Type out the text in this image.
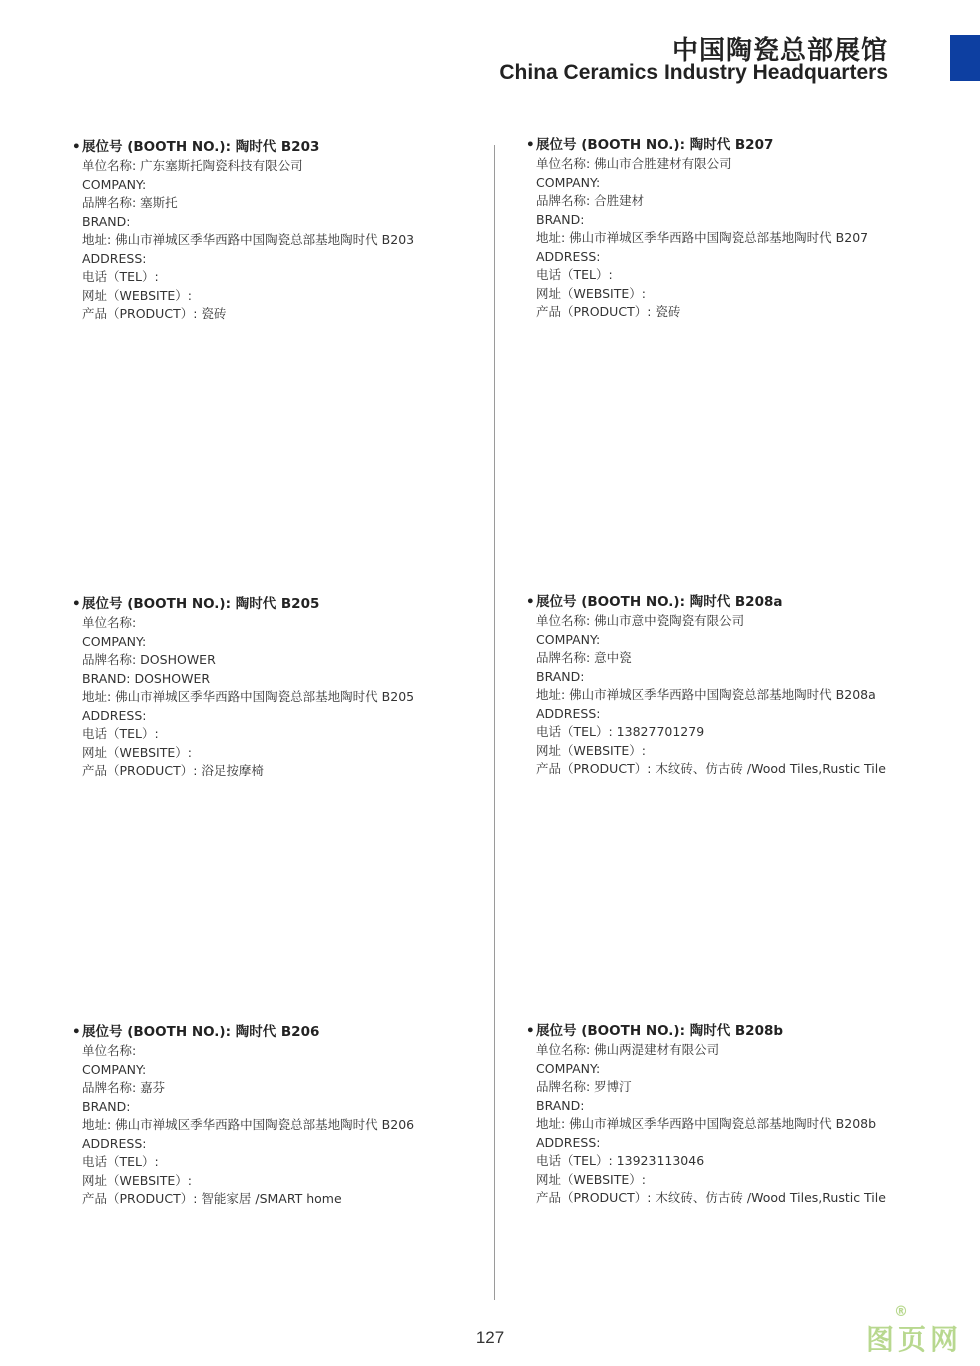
中国陶瓷总部展馆
China Ceramics Industry Headquarters
•展位号 (BOOTH NO.): 陶时代 B203
单位名称: 广东塞斯托陶瓷科技有限公司
COMPANY:
品牌名称: 塞斯托
BRAND:
地址: 佛山市禅城区季华西路中国陶瓷总部基地陶时代 B203
ADDRESS:
电话（TEL）:
网址（WEBSITE）:
产品（PRODUCT）: 瓷砖
•展位号 (BOOTH NO.): 陶时代 B207
单位名称: 佛山市合胜建材有限公司
COMPANY:
品牌名称: 合胜建材
BRAND:
地址: 佛山市禅城区季华西路中国陶瓷总部基地陶时代 B207
ADDRESS:
电话（TEL）:
网址（WEBSITE）:
产品（PRODUCT）: 瓷砖
•展位号 (BOOTH NO.): 陶时代 B205
单位名称:
COMPANY:
品牌名称: DOSHOWER
BRAND: DOSHOWER
地址: 佛山市禅城区季华西路中国陶瓷总部基地陶时代 B205
ADDRESS:
电话（TEL）:
网址（WEBSITE）:
产品（PRODUCT）: 浴足按摩椅
•展位号 (BOOTH NO.): 陶时代 B208a
单位名称: 佛山市意中瓷陶瓷有限公司
COMPANY:
品牌名称: 意中瓷
BRAND:
地址: 佛山市禅城区季华西路中国陶瓷总部基地陶时代 B208a
ADDRESS:
电话（TEL）: 13827701279
网址（WEBSITE）:
产品（PRODUCT）: 木纹砖、仿古砖 /Wood Tiles,Rustic Tile
•展位号 (BOOTH NO.): 陶时代 B206
单位名称:
COMPANY:
品牌名称: 嘉芬
BRAND:
地址: 佛山市禅城区季华西路中国陶瓷总部基地陶时代 B206
ADDRESS:
电话（TEL）:
网址（WEBSITE）:
产品（PRODUCT）: 智能家居 /SMART home
•展位号 (BOOTH NO.): 陶时代 B208b
单位名称: 佛山两湜建材有限公司
COMPANY:
品牌名称: 罗博汀
BRAND:
地址: 佛山市禅城区季华西路中国陶瓷总部基地陶时代 B208b
ADDRESS:
电话（TEL）: 13923113046
网址（WEBSITE）:
产品（PRODUCT）: 木纹砖、仿古砖 /Wood Tiles,Rustic Tile
127	图页网
®
